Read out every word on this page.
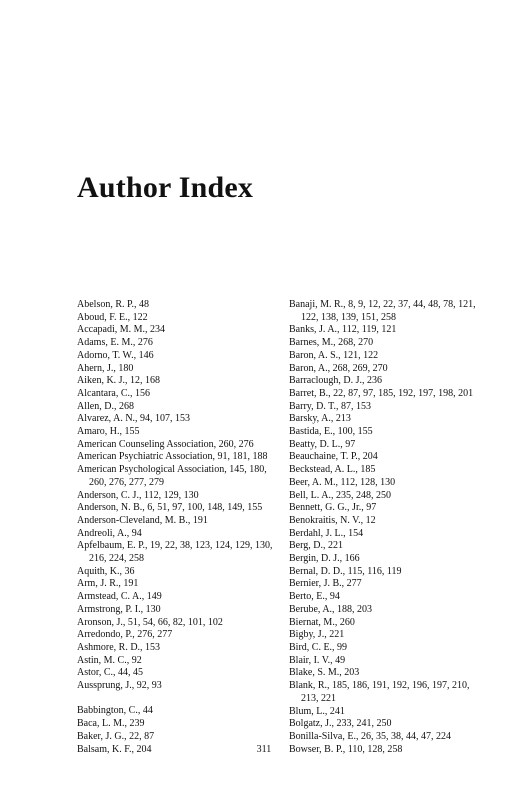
Author Index
Abelson, R. P., 48
Aboud, F. E., 122
Accapadi, M. M., 234
Adams, E. M., 276
Adorno, T. W., 146
Ahern, J., 180
Aiken, K. J., 12, 168
Alcantara, C., 156
Allen, D., 268
Alvarez, A. N., 94, 107, 153
Amaro, H., 155
American Counseling Association, 260, 276
American Psychiatric Association, 91, 181, 188
American Psychological Association, 145, 180, 260, 276, 277, 279
Anderson, C. J., 112, 129, 130
Anderson, N. B., 6, 51, 97, 100, 148, 149, 155
Anderson-Cleveland, M. B., 191
Andreoli, A., 94
Apfelbaum, E. P., 19, 22, 38, 123, 124, 129, 130, 216, 224, 258
Aquith, K., 36
Arm, J. R., 191
Armstead, C. A., 149
Armstrong, P. I., 130
Aronson, J., 51, 54, 66, 82, 101, 102
Arredondo, P., 276, 277
Ashmore, R. D., 153
Astin, M. C., 92
Astor, C., 44, 45
Aussprung, J., 92, 93
Babbington, C., 44
Baca, L. M., 239
Baker, J. G., 22, 87
Balsam, K. F., 204
Banaji, M. R., 8, 9, 12, 22, 37, 44, 48, 78, 121, 122, 138, 139, 151, 258
Banks, J. A., 112, 119, 121
Barnes, M., 268, 270
Baron, A. S., 121, 122
Baron, A., 268, 269, 270
Barraclough, D. J., 236
Barret, B., 22, 87, 97, 185, 192, 197, 198, 201
Barry, D. T., 87, 153
Barsky, A., 213
Bastida, E., 100, 155
Beatty, D. L., 97
Beauchaine, T. P., 204
Beckstead, A. L., 185
Beer, A. M., 112, 128, 130
Bell, L. A., 235, 248, 250
Bennett, G. G., Jr., 97
Benokraitis, N. V., 12
Berdahl, J. L., 154
Berg, D., 221
Bergin, D. J., 166
Bernal, D. D., 115, 116, 119
Bernier, J. B., 277
Berto, E., 94
Berube, A., 188, 203
Biernat, M., 260
Bigby, J., 221
Bird, C. E., 99
Blair, I. V., 49
Blake, S. M., 203
Blank, R., 185, 186, 191, 192, 196, 197, 210, 213, 221
Blum, L., 241
Bolgatz, J., 233, 241, 250
Bonilla-Silva, E., 26, 35, 38, 44, 47, 224
Bowser, B. P., 110, 128, 258
311
